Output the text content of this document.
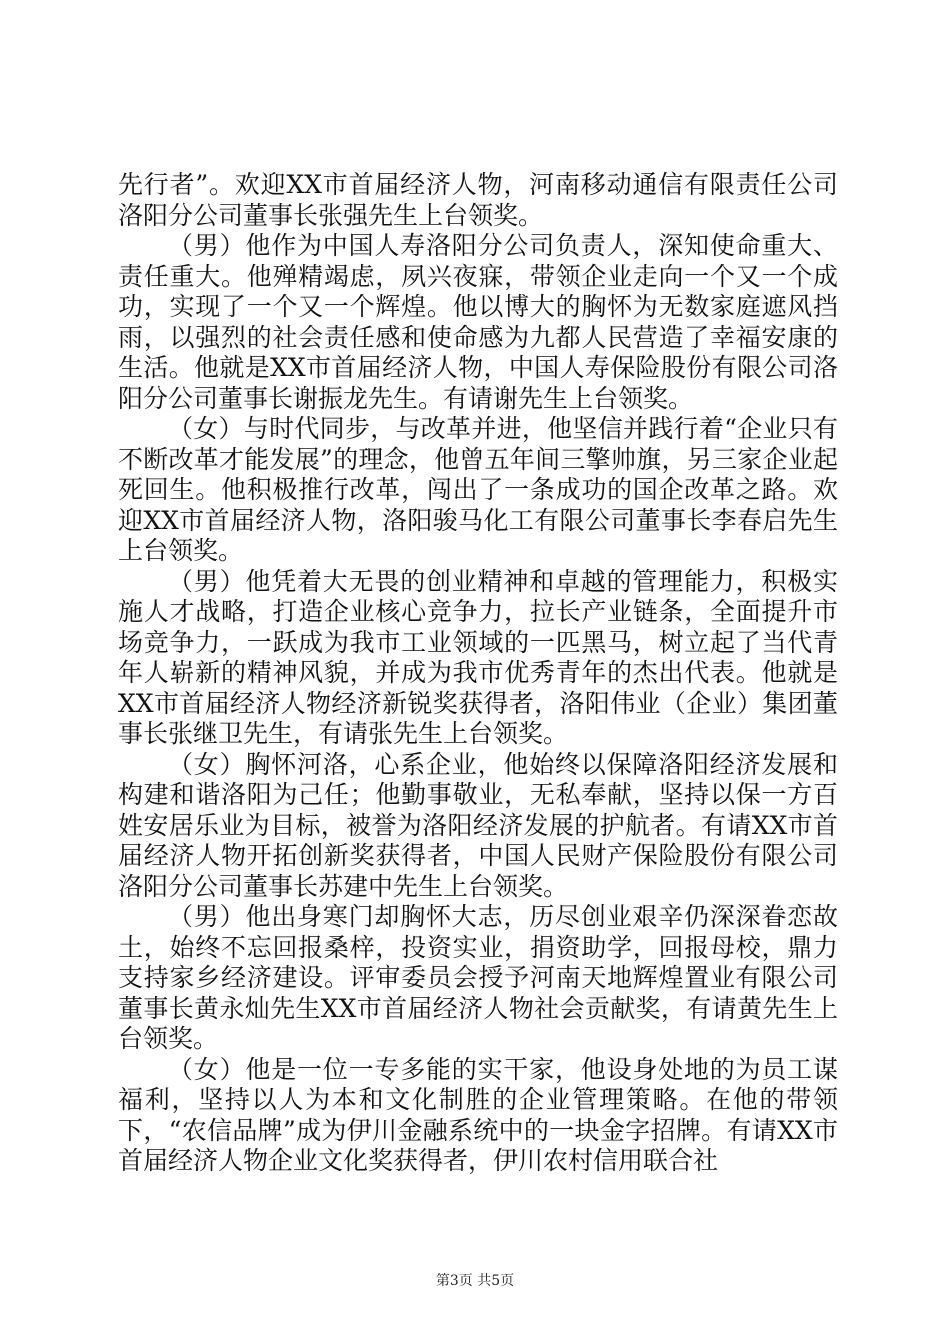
先行者”。欢迎XX市首届经济人物，河南移动通信有限责任公司洛阳分公司董事长张强先生上台领奖。

（男）他作为中国人寿洛阳分公司负责人，深知使命重大、责任重大。他殚精竭虑，夙兴夜寐，带领企业走向一个又一个成功，实现了一个又一个辉煌。他以博大的胸怀为无数家庭遮风挡雨，以强烈的社会责任感和使命感为九都人民营造了幸福安康的生活。他就是XX市首届经济人物，中国人寿保险股份有限公司洛阳分公司董事长谢振龙先生。有请谢先生上台领奖。

（女）与时代同步，与改革并进，他坚信并践行着“企业只有不断改革才能发展”的理念，他曾五年间三擎帅旗，另三家企业起死回生。他积极推行改革，闯出了一条成功的国企改革之路。欢迎XX市首届经济人物，洛阳骏马化工有限公司董事长李春启先生上台领奖。

（男）他凭着大无畏的创业精神和卓越的管理能力，积极实施人才战略，打造企业核心竞争力，拉长产业链条，全面提升市场竞争力，一跃成为我市工业领域的一匹黑马，树立起了当代青年人崭新的精神风貌，并成为我市优秀青年的杰出代表。他就是XX市首届经济人物经济新锐奖获得者，洛阳伟业（企业）集团董事长张继卫先生，有请张先生上台领奖。

（女）胸怀河洛，心系企业，他始终以保障洛阳经济发展和构建和谐洛阳为己任；他勤事敬业，无私奉献，坚持以保一方百姓安居乐业为目标，被誉为洛阳经济发展的护航者。有请XX市首届经济人物开拓创新奖获得者，中国人民财产保险股份有限公司洛阳分公司董事长苏建中先生上台领奖。

（男）他出身寒门却胸怀大志，历尽创业艰辛仍深深眷恋故土，始终不忘回报桑梓，投资实业，捐资助学，回报母校，鼎力支持家乡经济建设。评审委员会授予河南天地辉煌置业有限公司董事长黄永灿先生XX市首届经济人物社会贡献奖，有请黄先生上台领奖。

（女）他是一位一专多能的实干家，他设身处地的为员工谋福利，坚持以人为本和文化制胜的企业管理策略。在他的带领下，“农信品牌”成为伊川金融系统中的一块金字招牌。有请XX市首届经济人物企业文化奖获得者，伊川农村信用联合社

第3页 共5页
